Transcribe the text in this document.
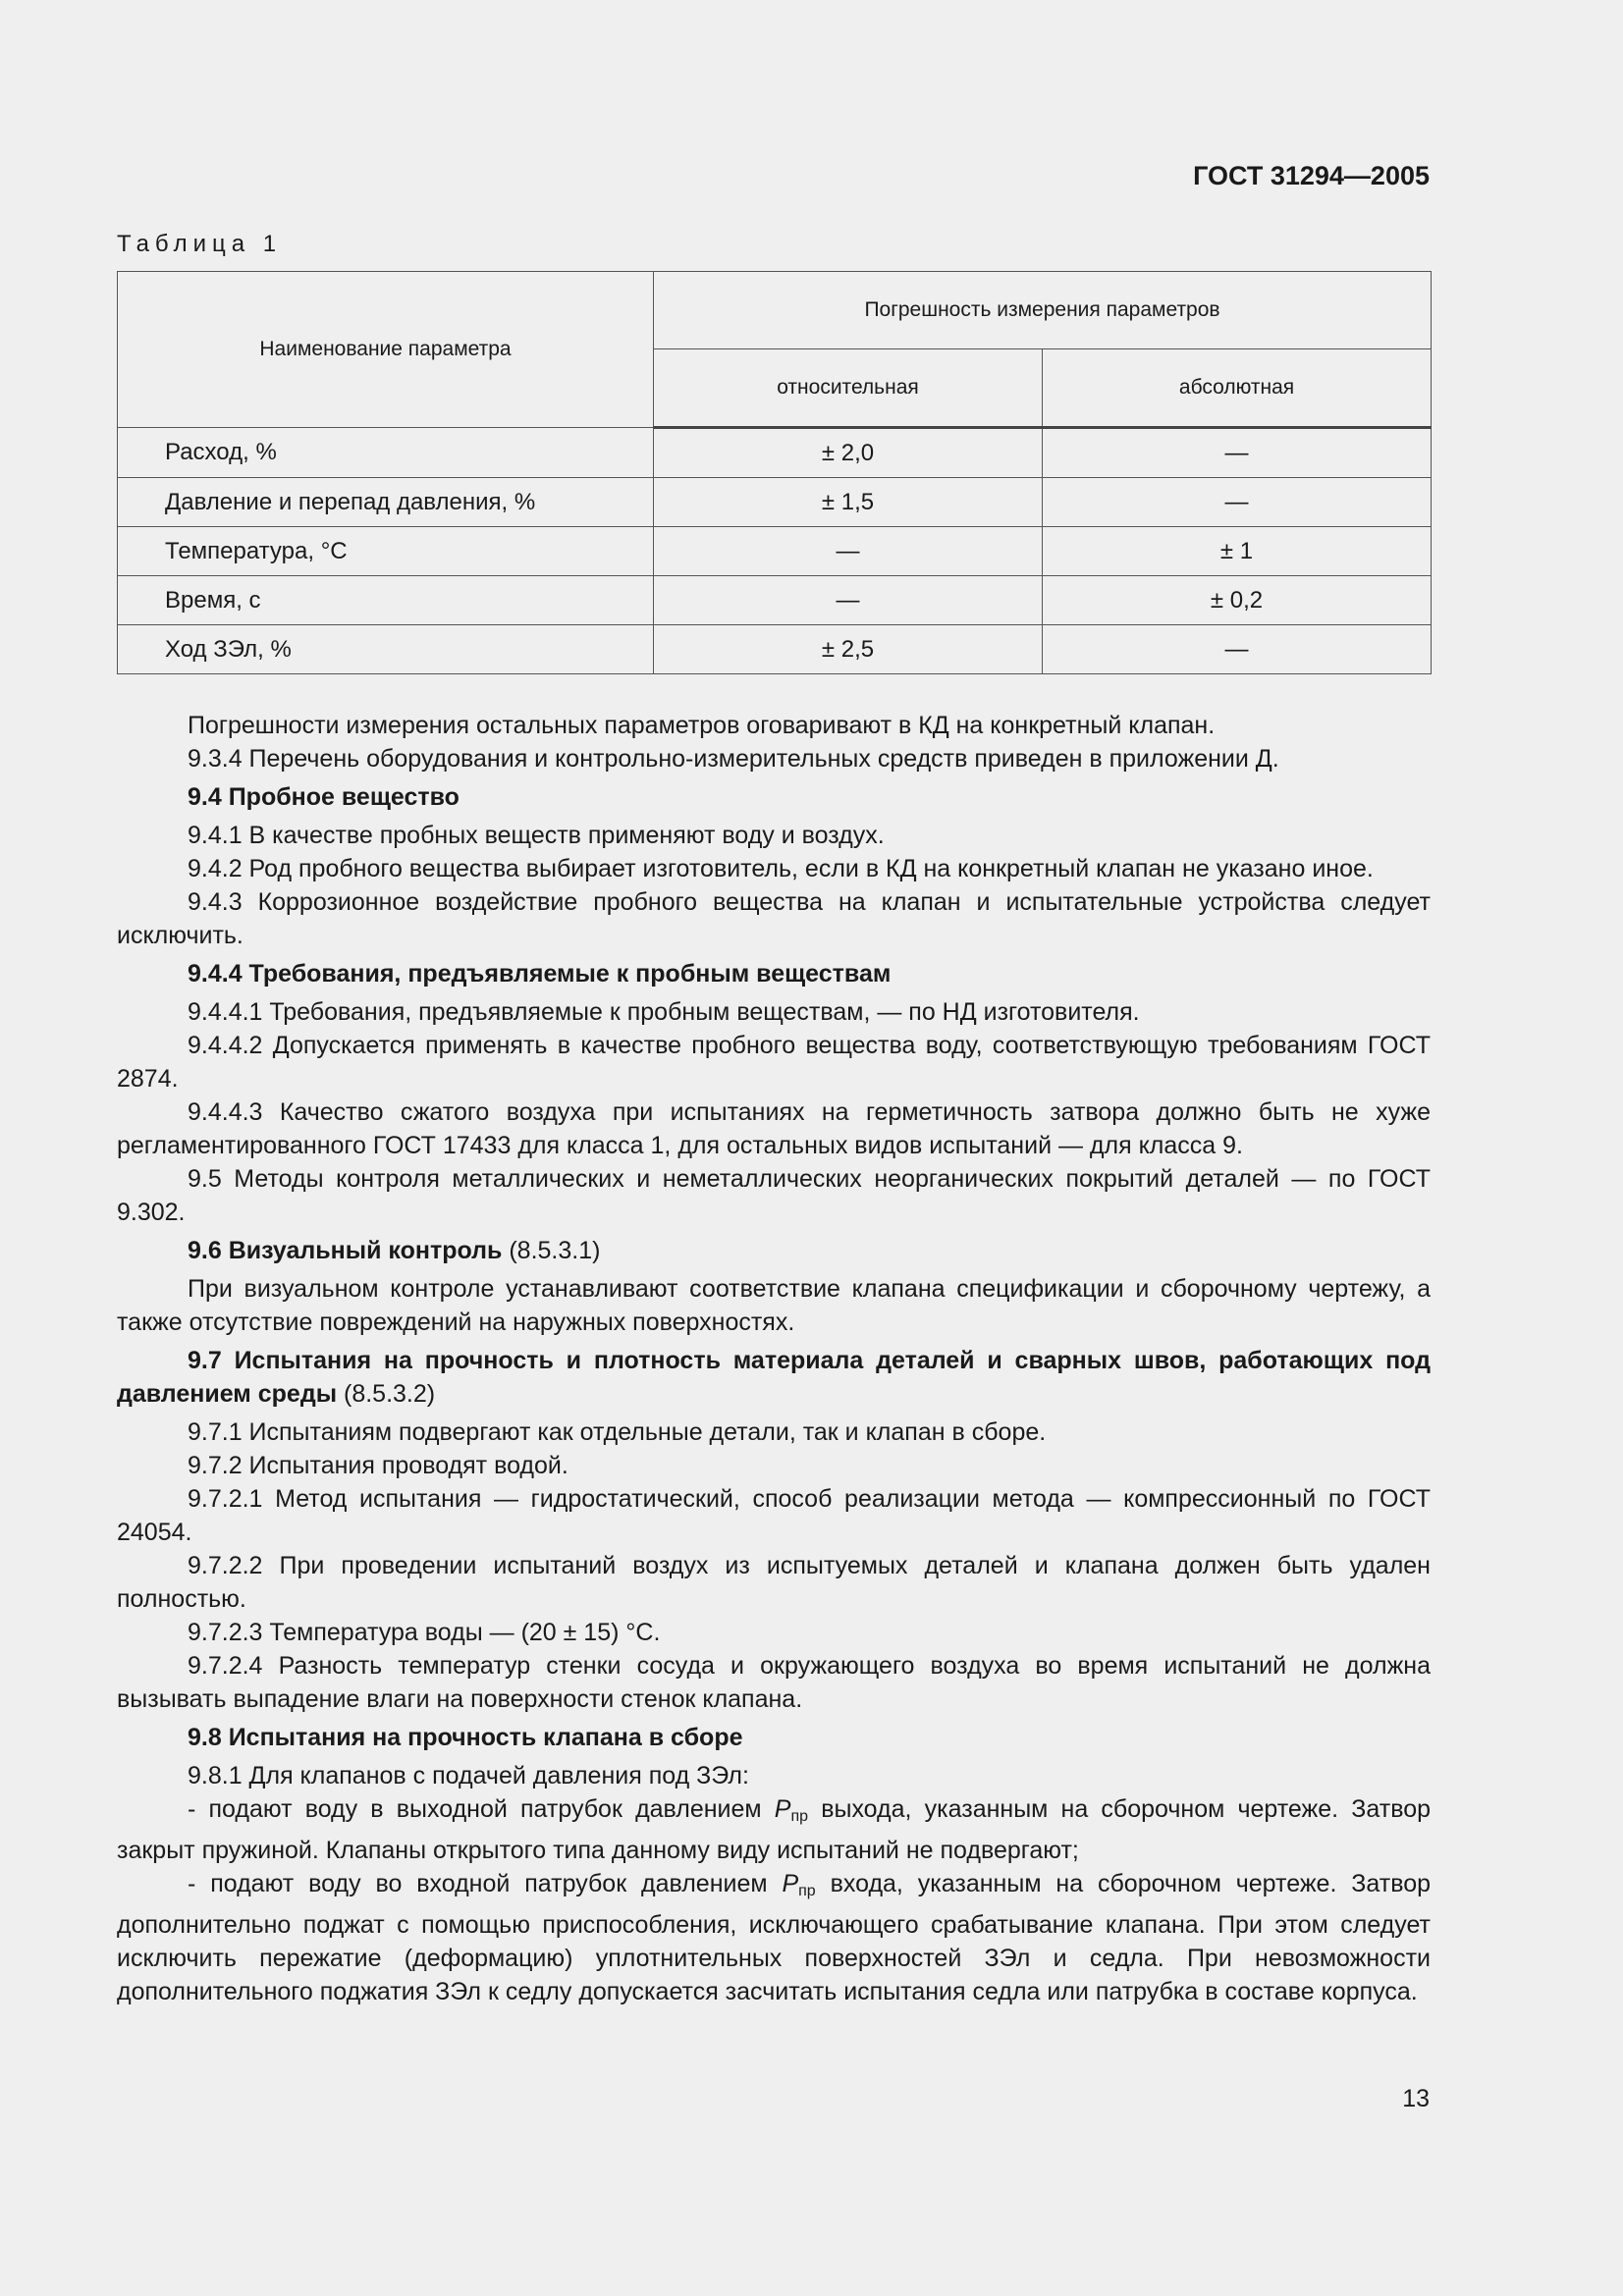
ГОСТ 31294—2005
Таблица 1
Наименование параметра	Погрешность измерения параметров	
	относительная	абсолютная
Расход, %	± 2,0	—
Давление и перепад давления, %	± 1,5	—
Температура, °С	—	± 1
Время, с	—	± 0,2
Ход ЗЭл, %	± 2,5	—

Погрешности измерения остальных параметров оговаривают в КД на конкретный клапан.

9.3.4 Перечень оборудования и контрольно-измерительных средств приведен в приложении Д.

9.4 Пробное вещество

9.4.1 В качестве пробных веществ применяют воду и воздух.

9.4.2 Род пробного вещества выбирает изготовитель, если в КД на конкретный клапан не указано иное.

9.4.3 Коррозионное воздействие пробного вещества на клапан и испытательные устройства следует исключить.

9.4.4 Требования, предъявляемые к пробным веществам

9.4.4.1 Требования, предъявляемые к пробным веществам, — по НД изготовителя.

9.4.4.2 Допускается применять в качестве пробного вещества воду, соответствующую требованиям ГОСТ 2874.

9.4.4.3 Качество сжатого воздуха при испытаниях на герметичность затвора должно быть не хуже регламентированного ГОСТ 17433 для класса 1, для остальных видов испытаний — для класса 9.

9.5 Методы контроля металлических и неметаллических неорганических покрытий деталей — по ГОСТ 9.302.

9.6 Визуальный контроль (8.5.3.1)

При визуальном контроле устанавливают соответствие клапана спецификации и сборочному чертежу, а также отсутствие повреждений на наружных поверхностях.

9.7 Испытания на прочность и плотность материала деталей и сварных швов, работающих под давлением среды (8.5.3.2)

9.7.1 Испытаниям подвергают как отдельные детали, так и клапан в сборе.

9.7.2 Испытания проводят водой.

9.7.2.1 Метод испытания — гидростатический, способ реализации метода — компрессионный по ГОСТ 24054.

9.7.2.2 При проведении испытаний воздух из испытуемых деталей и клапана должен быть удален полностью.

9.7.2.3 Температура воды — (20 ± 15) °С.

9.7.2.4 Разность температур стенки сосуда и окружающего воздуха во время испытаний не должна вызывать выпадение влаги на поверхности стенок клапана.

9.8 Испытания на прочность клапана в сборе

9.8.1 Для клапанов с подачей давления под ЗЭл:

- подают воду в выходной патрубок давлением $P_{пр}$ выхода, указанным на сборочном чертеже. Затвор закрыт пружиной. Клапаны открытого типа данному виду испытаний не подвергают;

- подают воду во входной патрубок давлением $P_{пр}$ входа, указанным на сборочном чертеже. Затвор дополнительно поджат с помощью приспособления, исключающего срабатывание клапана. При этом следует исключить пережатие (деформацию) уплотнительных поверхностей ЗЭл и седла. При невозможности дополнительного поджатия ЗЭл к седлу допускается засчитать испытания седла или патрубка в составе корпуса.

13
